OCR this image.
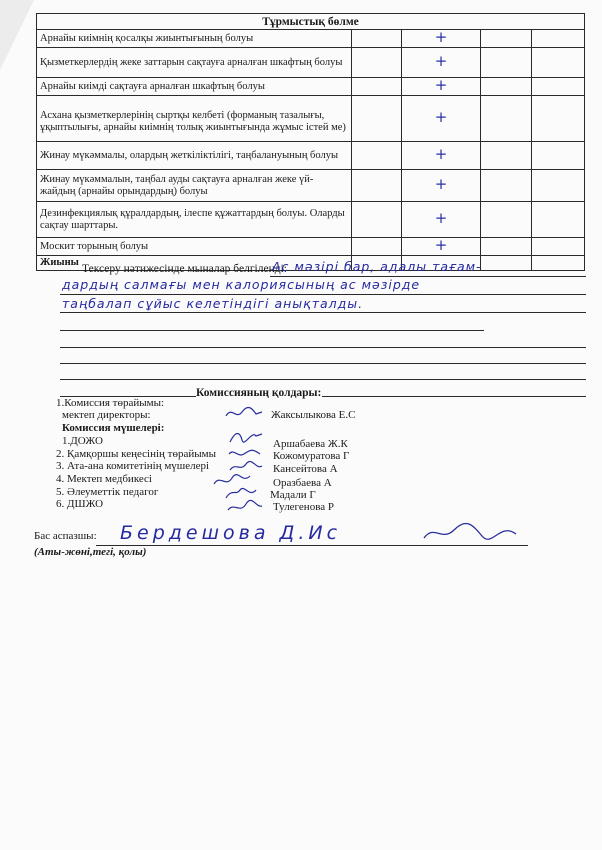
Тұрмыстық бөлме				
Арнайы киімнің қосалқы жиынтығының болуы		+		
Қызметкерлердің жеке заттарын сақтауға арналған шкафтың болуы		+		
Арнайы киімді сақтауға арналған шкафтың болуы		+		
Асхана қызметкерлерінің сыртқы келбеті (форманың тазалығы, ұқыптылығы, арнайы киімнің толық жиынтығында жұмыс істей ме)		+		
Жинау мүкәммалы, олардың жеткіліктілігі, таңбалануының болуы		+		
Жинау мүкәммалын, таңбал ауды сақтауға арналған жеке үй-жайдың (арнайы орындардың) болуы		+		
Дезинфекциялық құралдардың, ілеспе құжаттардың болуы. Оларды сақтау шарттары.		+		
Москит торының болуы		+		
Жиыны				
Тексеру нәтижесінде мыналар белгіленді:
Ас мәзірі бар, адалы тағам-
дардың салмағы мен калориясының ас мәзірде
таңбалап сұйыс келетіндігі анықталды.
Комиссияның қолдары:
1.Комиссия төрайымы:
мектеп директоры:	Жаксылыкова Е.С
Комиссия мүшелері:
1.ДОЖО	Аршабаева Ж.К
2. Қамқоршы кеңесінің төрайымы	Кожомуратова Г
3. Ата-ана комитетінің мүшелері	Кансейтова А
4. Мектеп медбикесі	Оразбаева А
5. Әлеуметтік педагог	Мадали Г
6. ДШЖО	Тулегенова Р
Бас аспазшы: Бердешова Д.Ис
(Аты-жөні,тегі, қолы)
